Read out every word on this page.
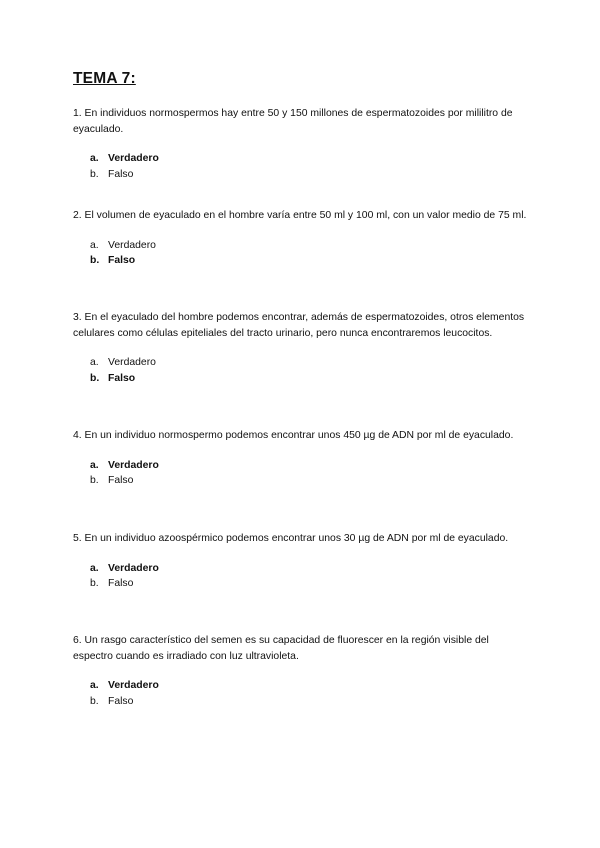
TEMA 7:

1. En individuos normospermos hay entre 50 y 150 millones de espermatozoides por mililitro de eyaculado.

a. Verdadero
b. Falso

2. El volumen de eyaculado en el hombre varía entre 50 ml y 100 ml, con un valor medio de 75 ml.

a. Verdadero
b. Falso

3. En el eyaculado del hombre podemos encontrar, además de espermatozoides, otros elementos celulares como células epiteliales del tracto urinario, pero nunca encontraremos leucocitos.

a. Verdadero
b. Falso

4. En un individuo normospermo podemos encontrar unos 450 µg de ADN por ml de eyaculado.

a. Verdadero
b. Falso

5. En un individuo azoospérmico podemos encontrar unos 30 µg de ADN por ml de eyaculado.

a. Verdadero
b. Falso

6. Un rasgo característico del semen es su capacidad de fluorescer en la región visible del espectro cuando es irradiado con luz ultravioleta.

a. Verdadero
b. Falso
